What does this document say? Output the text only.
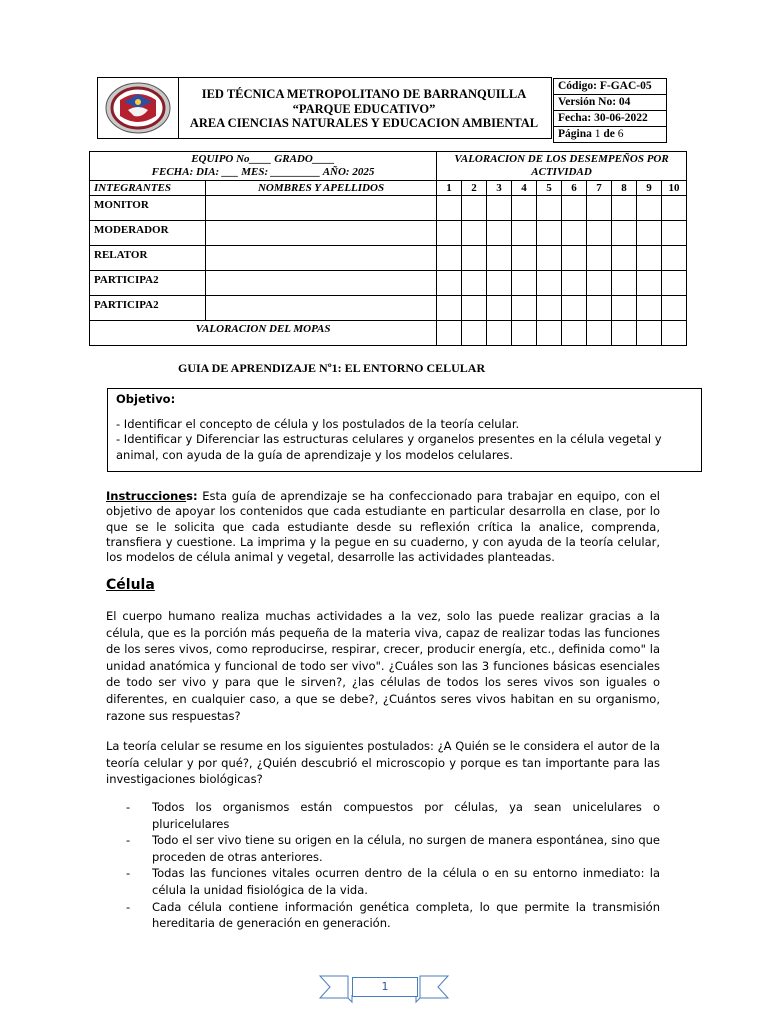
IED TÉCNICA METROPOLITANO DE BARRANQUILLA
“PARQUE EDUCATIVO”
AREA CIENCIAS NATURALES Y EDUCACION AMBIENTAL
Código: F-GAC-05
Versión No: 04
Fecha: 30-06-2022
Página 1 de 6
EQUIPO No____ GRADO____
FECHA: DIA: ___ MES: _________ AÑO: 2025		VALORACION DE LOS DESEMPEÑOS POR ACTIVIDAD									
INTEGRANTES	NOMBRES Y APELLIDOS	1	2	3	4	5	6	7	8	9	10
MONITOR											
MODERADOR											
RELATOR											
PARTICIPA2											
PARTICIPA2											
VALORACION DEL MOPAS											
GUIA DE APRENDIZAJE Nº1: EL ENTORNO CELULAR
Objetivo:
- Identificar el concepto de célula y los postulados de la teoría celular.
- Identificar y Diferenciar las estructuras celulares y organelos presentes en la célula vegetal y animal, con ayuda de la guía de aprendizaje y los modelos celulares.
Instrucciones: Esta guía de aprendizaje se ha confeccionado para trabajar en equipo, con el objetivo de apoyar los contenidos que cada estudiante en particular desarrolla en clase, por lo que se le solicita que cada estudiante desde su reflexión crítica la analice, comprenda, transfiera y cuestione. La imprima y la pegue en su cuaderno, y con ayuda de la teoría celular, los modelos de célula animal y vegetal, desarrolle las actividades planteadas.
Célula
El cuerpo humano realiza muchas actividades a la vez, solo las puede realizar gracias a la célula, que es la porción más pequeña de la materia viva, capaz de realizar todas las funciones de los seres vivos, como reproducirse, respirar, crecer, producir energía, etc., definida como" la unidad anatómica y funcional de todo ser vivo". ¿Cuáles son las 3 funciones básicas esenciales de todo ser vivo y para que le sirven?, ¿las células de todos los seres vivos son iguales o diferentes, en cualquier caso, a que se debe?, ¿Cuántos seres vivos habitan en su organismo, razone sus respuestas?
La teoría celular se resume en los siguientes postulados: ¿A Quién se le considera el autor de la teoría celular y por qué?, ¿Quién descubrió el microscopio y porque es tan importante para las investigaciones biológicas?
- Todos los organismos están compuestos por células, ya sean unicelulares o pluricelulares
- Todo el ser vivo tiene su origen en la célula, no surgen de manera espontánea, sino que proceden de otras anteriores.
- Todas las funciones vitales ocurren dentro de la célula o en su entorno inmediato: la célula la unidad fisiológica de la vida.
- Cada célula contiene información genética completa, lo que permite la transmisión hereditaria de generación en generación.
1
